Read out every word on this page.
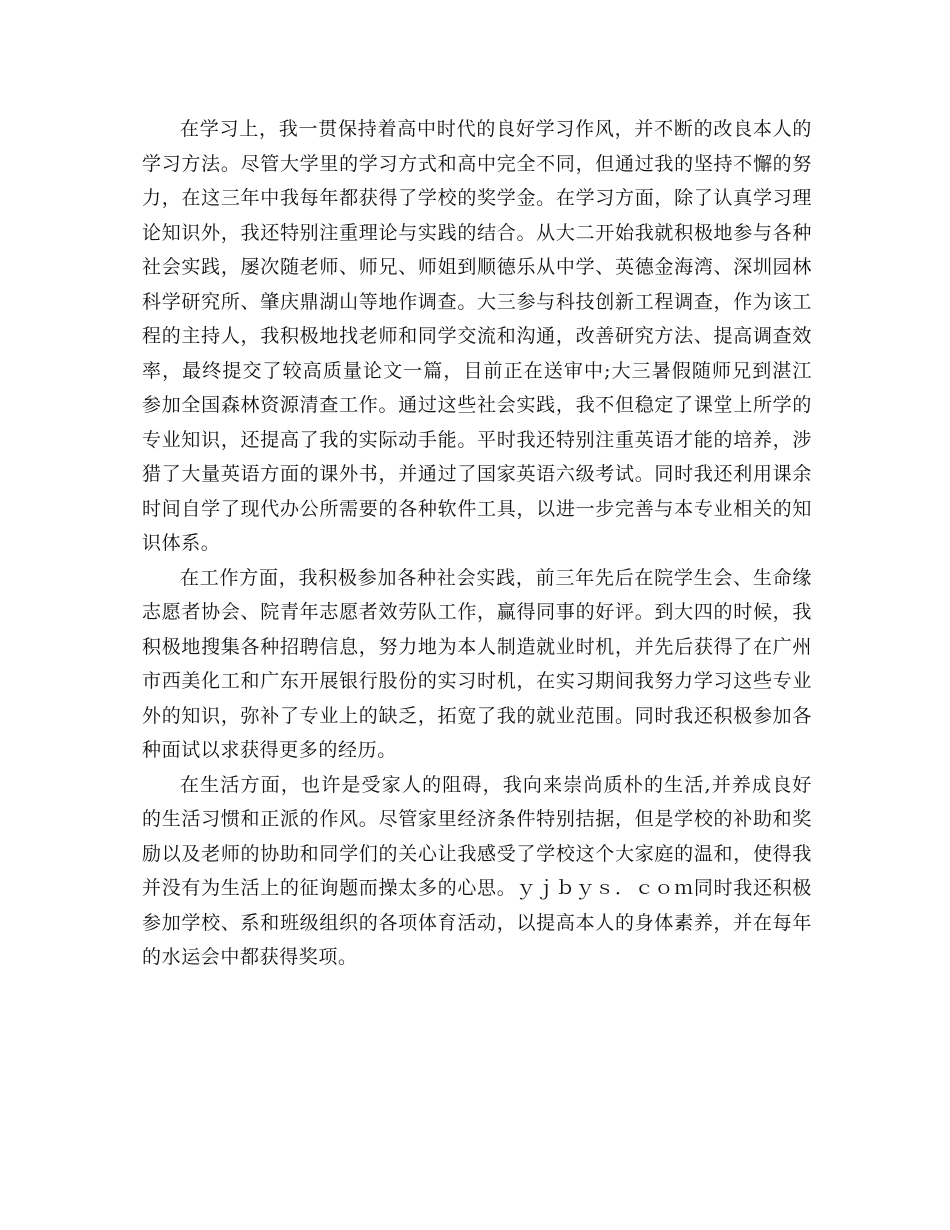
在学习上，我一贯保持着高中时代的良好学习作风，并不断的改良本人的学习方法。尽管大学里的学习方式和高中完全不同，但通过我的坚持不懈的努力，在这三年中我每年都获得了学校的奖学金。在学习方面，除了认真学习理论知识外，我还特别注重理论与实践的结合。从大二开始我就积极地参与各种社会实践，屡次随老师、师兄、师姐到顺德乐从中学、英德金海湾、深圳园林科学研究所、肇庆鼎湖山等地作调查。大三参与科技创新工程调查，作为该工程的主持人，我积极地找老师和同学交流和沟通，改善研究方法、提高调查效率，最终提交了较高质量论文一篇，目前正在送审中;大三暑假随师兄到湛江参加全国森林资源清查工作。通过这些社会实践，我不但稳定了课堂上所学的专业知识，还提高了我的实际动手能。平时我还特别注重英语才能的培养，涉猎了大量英语方面的课外书，并通过了国家英语六级考试。同时我还利用课余时间自学了现代办公所需要的各种软件工具，以进一步完善与本专业相关的知识体系。

在工作方面，我积极参加各种社会实践，前三年先后在院学生会、生命缘志愿者协会、院青年志愿者效劳队工作，赢得同事的好评。到大四的时候，我积极地搜集各种招聘信息，努力地为本人制造就业时机，并先后获得了在广州市西美化工和广东开展银行股份的实习时机，在实习期间我努力学习这些专业外的知识，弥补了专业上的缺乏，拓宽了我的就业范围。同时我还积极参加各种面试以求获得更多的经历。

在生活方面，也许是受家人的阻碍，我向来崇尚质朴的生活,并养成良好的生活习惯和正派的作风。尽管家里经济条件特别拮据，但是学校的补助和奖励以及老师的协助和同学们的关心让我感受了学校这个大家庭的温和，使得我并没有为生活上的征询题而操太多的心思。ｙｊｂｙｓ．ｃｏｍ同时我还积极参加学校、系和班级组织的各项体育活动，以提高本人的身体素养，并在每年的水运会中都获得奖项。
